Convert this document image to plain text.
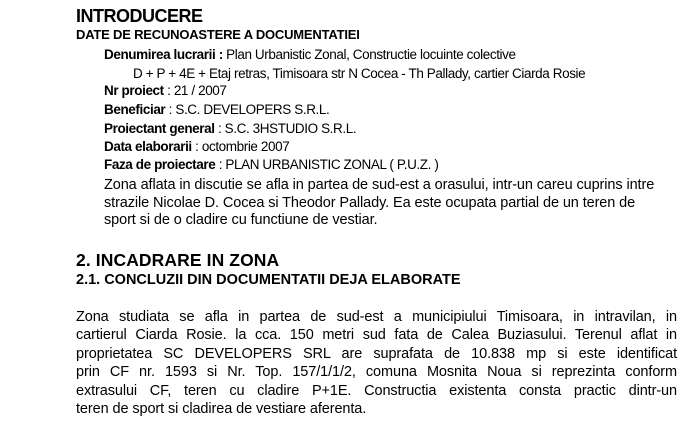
INTRODUCERE
DATE DE RECUNOASTERE A DOCUMENTATIEI
Denumirea lucrarii : Plan Urbanistic Zonal, Constructie locuinte colective
D + P + 4E + Etaj retras, Timisoara str N Cocea - Th Pallady, cartier Ciarda Rosie
Nr proiect : 21 / 2007
Beneficiar : S.C. DEVELOPERS S.R.L.
Proiectant general : S.C. 3HSTUDIO S.R.L.
Data elaborarii : octombrie 2007
Faza de proiectare : PLAN URBANISTIC ZONAL ( P.U.Z. )
Zona aflata in discutie se afla in partea de sud-est a orasului, intr-un careu cuprins intre strazile Nicolae D. Cocea si Theodor Pallady. Ea este ocupata partial de un teren de sport si de o cladire cu functiune de vestiar.
2. INCADRARE IN ZONA
2.1. CONCLUZII DIN DOCUMENTATII DEJA ELABORATE
Zona studiata se afla in partea de sud-est a municipiului Timisoara, in intravilan, in
cartierul Ciarda Rosie. la cca. 150 metri sud fata de Calea Buziasului. Terenul aflat in
proprietatea SC DEVELOPERS SRL are suprafata de 10.838 mp si este identificat
prin CF nr. 1593 si Nr. Top. 157/1/1/2, comuna Mosnita Noua si reprezinta conform
extrasului CF, teren cu cladire P+1E. Constructia existenta consta practic dintr-un
teren de sport si cladirea de vestiare aferenta.
